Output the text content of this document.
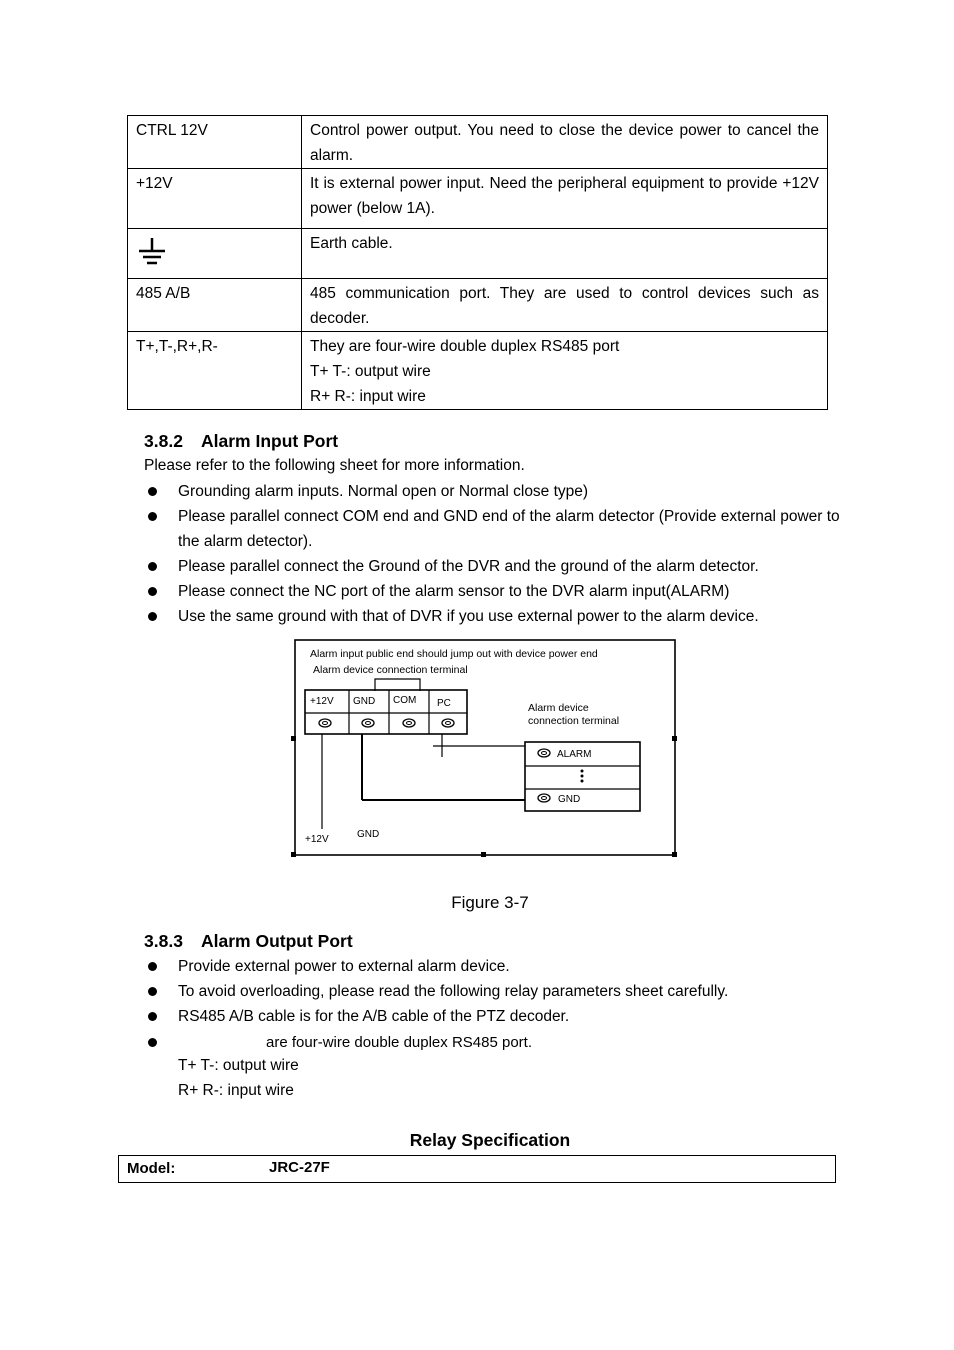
CTRL 12V	Control power output. You need to close the device power to cancel the alarm.
+12V	It is external power input. Need the peripheral equipment to provide +12V power (below 1A).
	Earth cable.
485 A/B	485 communication port. They are used to control devices such as decoder.
T+,T-,R+,R-	They are four-wire double duplex RS485 port
T+ T-: output wire
R+ R-: input wire
3.8.2 Alarm Input Port
Please refer to the following sheet for more information.
Grounding alarm inputs. Normal open or Normal close type)
Please parallel connect COM end and GND end of the alarm detector (Provide external power to the alarm detector).
Please parallel connect the Ground of the DVR and the ground of the alarm detector.
Please connect the NC port of the alarm sensor to the DVR alarm input(ALARM)
Use the same ground with that of DVR if you use external power to the alarm device.
Alarm input public end should jump out with device power end
Alarm device connection terminal
+12V GND COM PC	Alarm device
connection terminal
ALARM
GND
+12V	GND
Figure 3-7
3.8.3 Alarm Output Port
Provide external power to external alarm device.
To avoid overloading, please read the following relay parameters sheet carefully.
RS485 A/B cable is for the A/B cable of the PTZ decoder.
are four-wire double duplex RS485 port.
T+ T-: output wire
R+ R-: input wire
Relay Specification
Model:	JRC-27F
